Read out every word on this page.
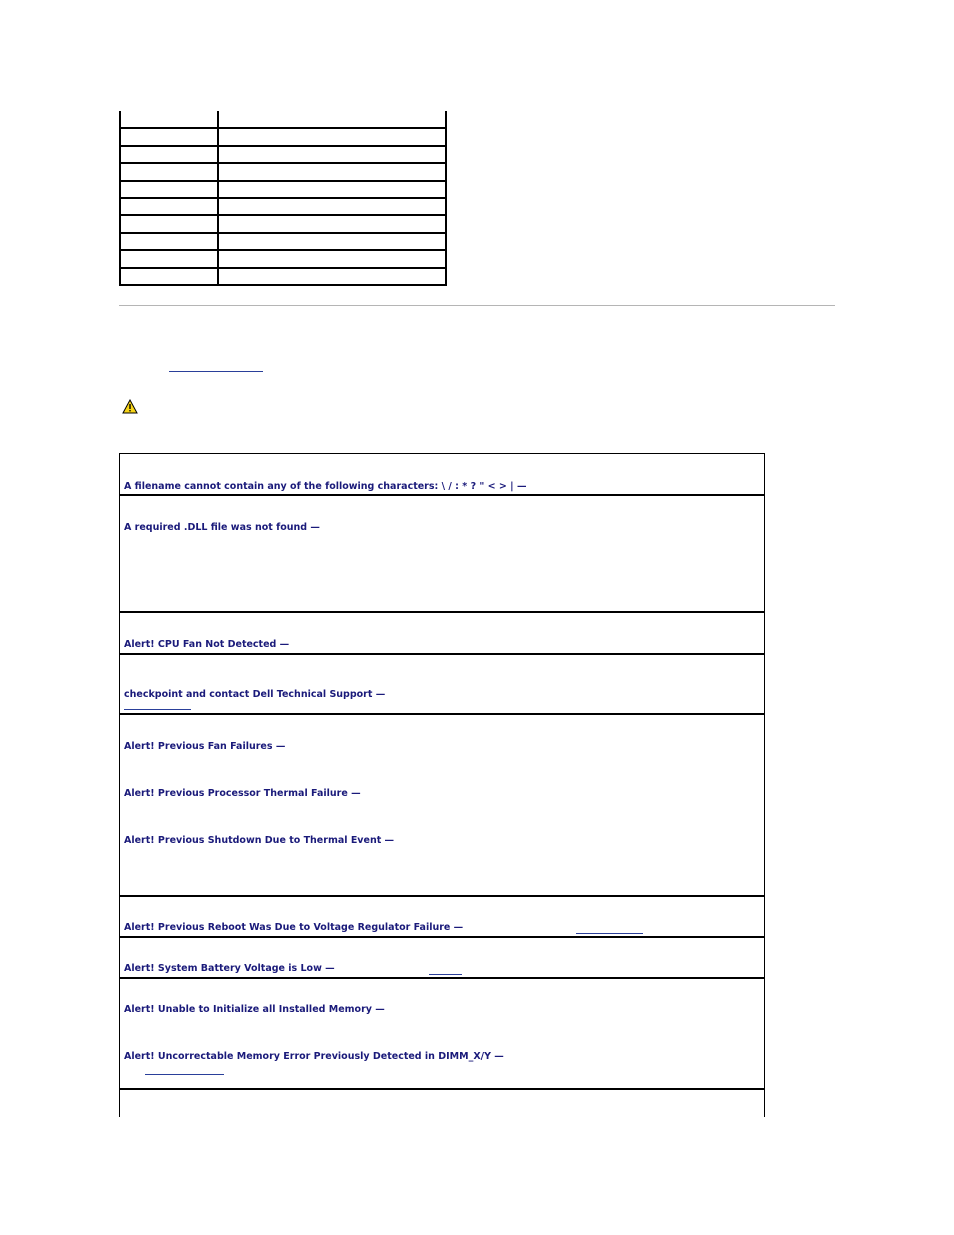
A filename cannot contain any of the following characters: \ / : * ? " < > | —
A required .DLL file was not found —
Alert! CPU Fan Not Detected —
checkpoint and contact Dell Technical Support —
Alert! Previous Fan Failures —
Alert! Previous Processor Thermal Failure —
Alert! Previous Shutdown Due to Thermal Event —
Alert! Previous Reboot Was Due to Voltage Regulator Failure —
Alert! System Battery Voltage is Low —
Alert! Unable to Initialize all Installed Memory —
Alert! Uncorrectable Memory Error Previously Detected in DIMM_X/Y —
